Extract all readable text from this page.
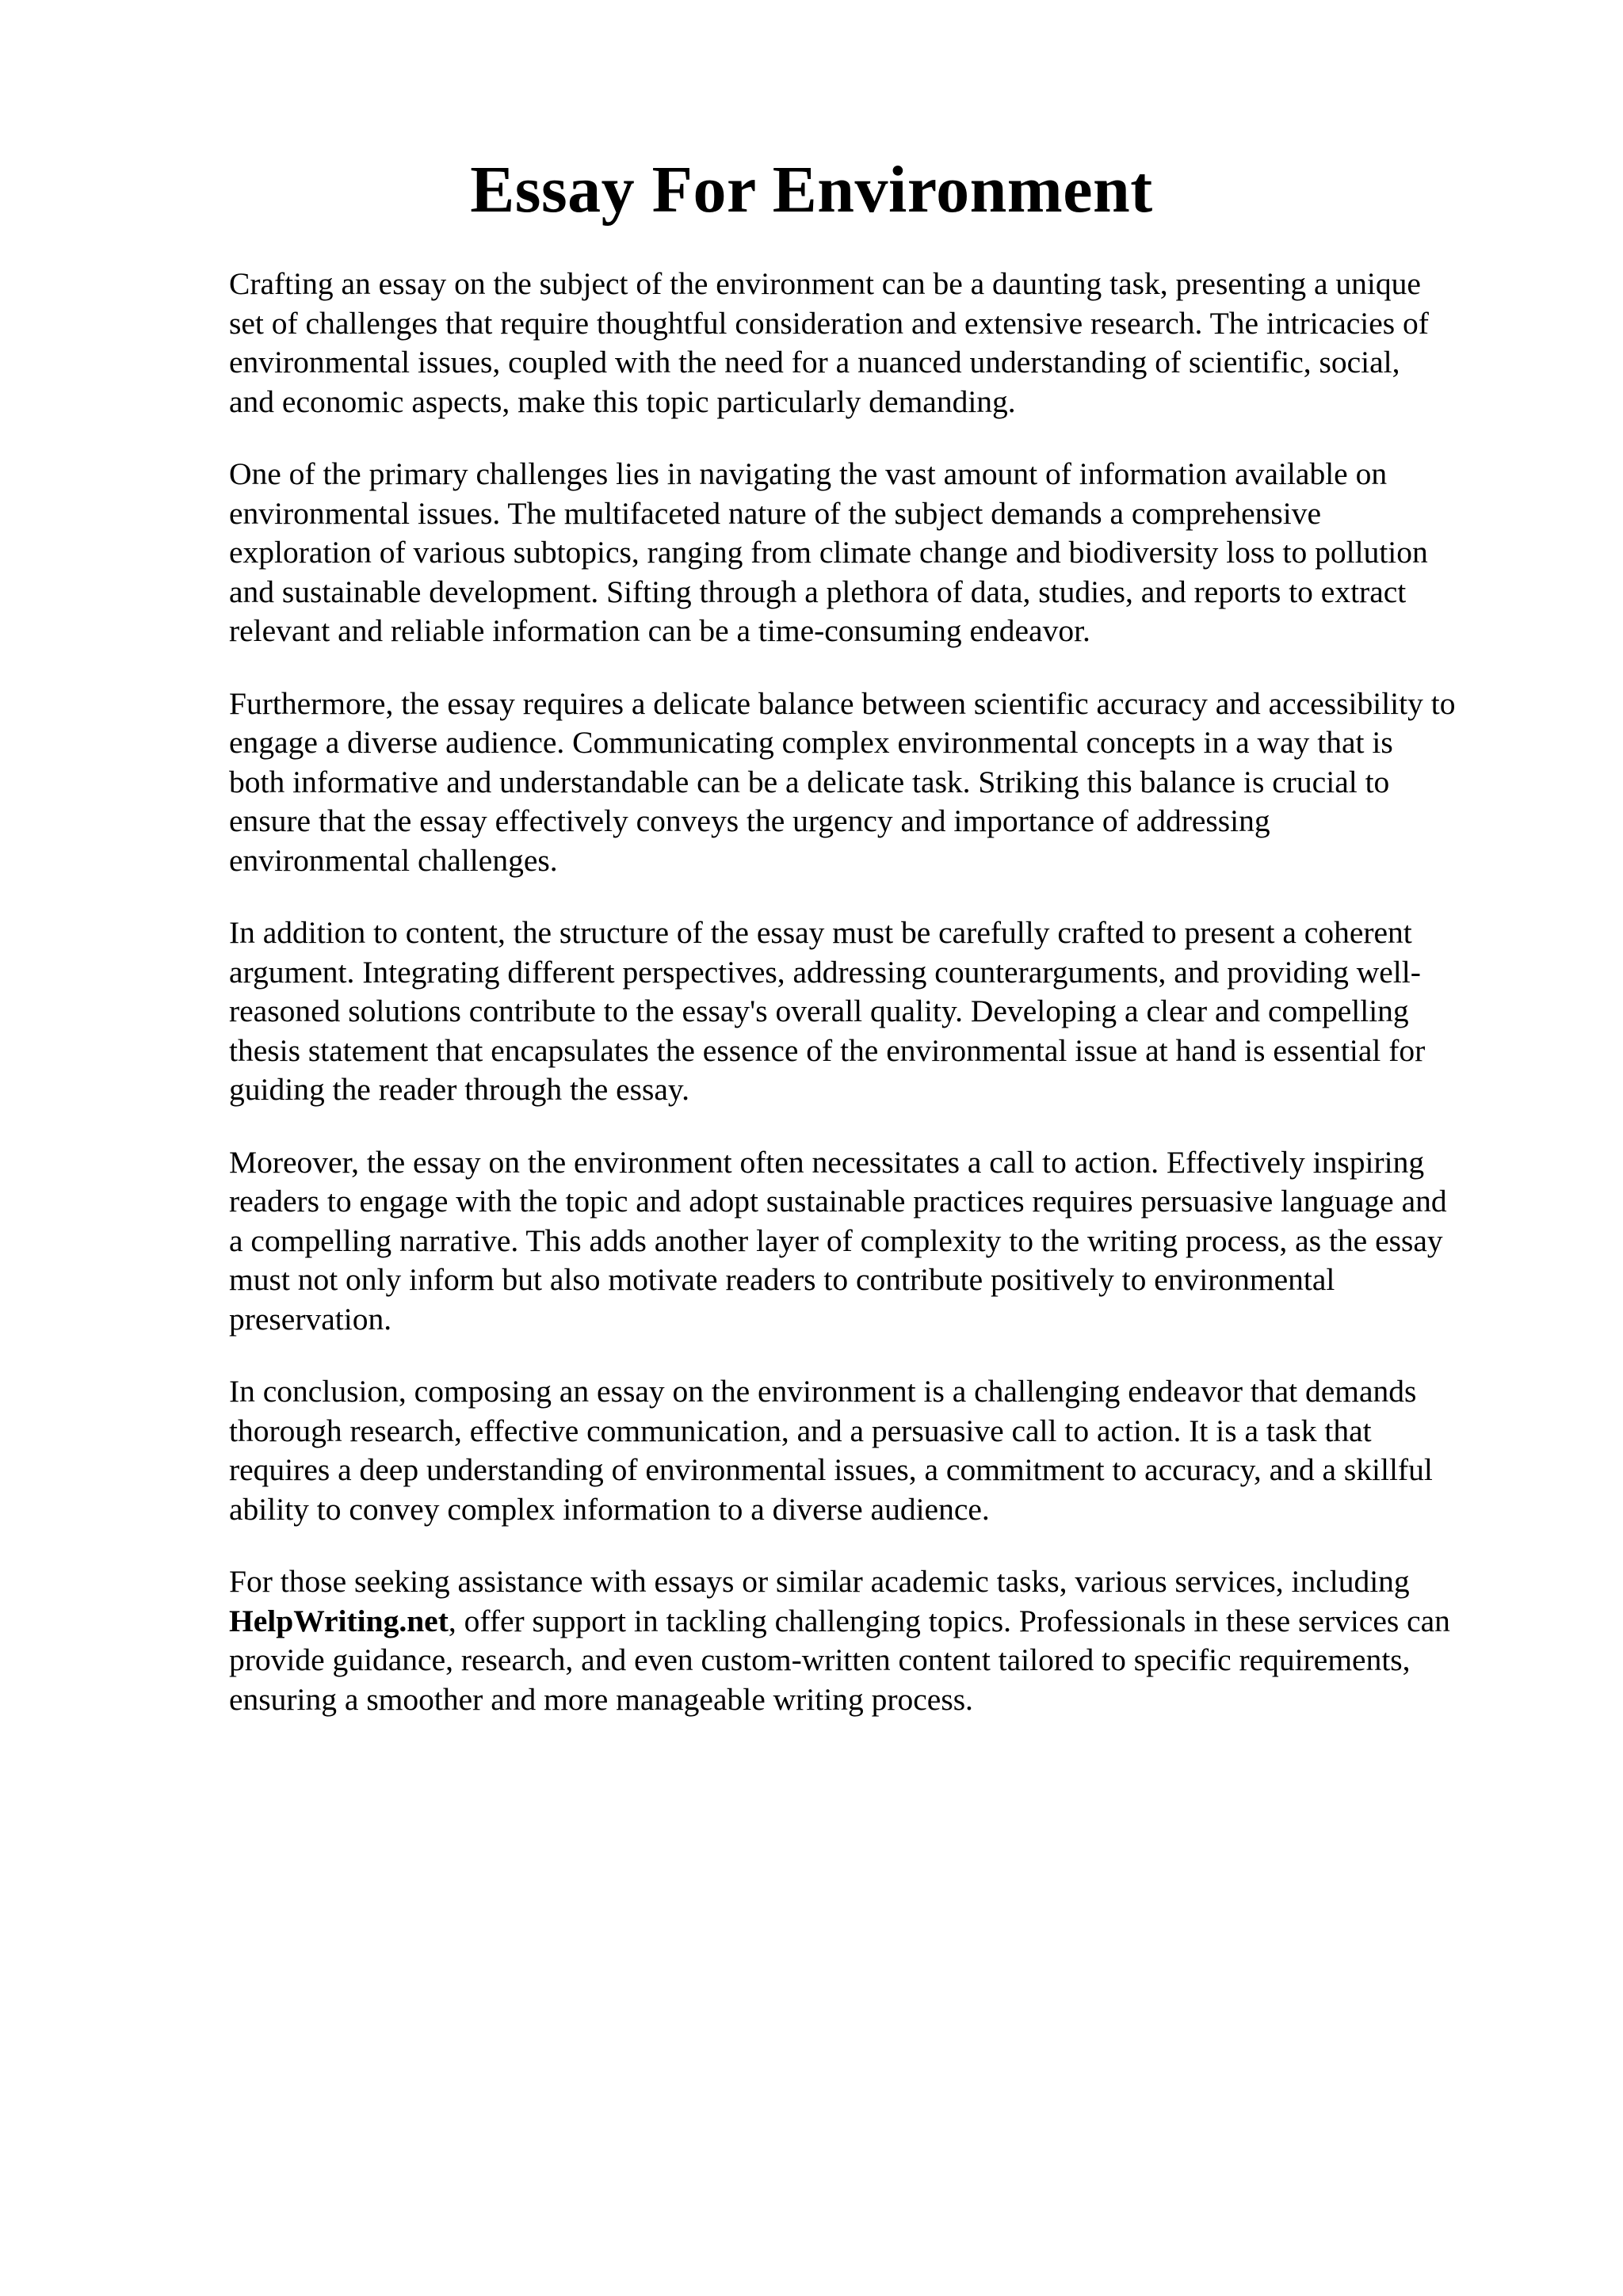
Essay For Environment

Crafting an essay on the subject of the environment can be a daunting task, presenting a unique
set of challenges that require thoughtful consideration and extensive research. The intricacies of
environmental issues, coupled with the need for a nuanced understanding of scientific, social,
and economic aspects, make this topic particularly demanding.

One of the primary challenges lies in navigating the vast amount of information available on
environmental issues. The multifaceted nature of the subject demands a comprehensive
exploration of various subtopics, ranging from climate change and biodiversity loss to pollution
and sustainable development. Sifting through a plethora of data, studies, and reports to extract
relevant and reliable information can be a time-consuming endeavor.

Furthermore, the essay requires a delicate balance between scientific accuracy and accessibility to
engage a diverse audience. Communicating complex environmental concepts in a way that is
both informative and understandable can be a delicate task. Striking this balance is crucial to
ensure that the essay effectively conveys the urgency and importance of addressing
environmental challenges.

In addition to content, the structure of the essay must be carefully crafted to present a coherent
argument. Integrating different perspectives, addressing counterarguments, and providing well-
reasoned solutions contribute to the essay's overall quality. Developing a clear and compelling
thesis statement that encapsulates the essence of the environmental issue at hand is essential for
guiding the reader through the essay.

Moreover, the essay on the environment often necessitates a call to action. Effectively inspiring
readers to engage with the topic and adopt sustainable practices requires persuasive language and
a compelling narrative. This adds another layer of complexity to the writing process, as the essay
must not only inform but also motivate readers to contribute positively to environmental
preservation.

In conclusion, composing an essay on the environment is a challenging endeavor that demands
thorough research, effective communication, and a persuasive call to action. It is a task that
requires a deep understanding of environmental issues, a commitment to accuracy, and a skillful
ability to convey complex information to a diverse audience.

For those seeking assistance with essays or similar academic tasks, various services, including
HelpWriting.net, offer support in tackling challenging topics. Professionals in these services can
provide guidance, research, and even custom-written content tailored to specific requirements,
ensuring a smoother and more manageable writing process.
